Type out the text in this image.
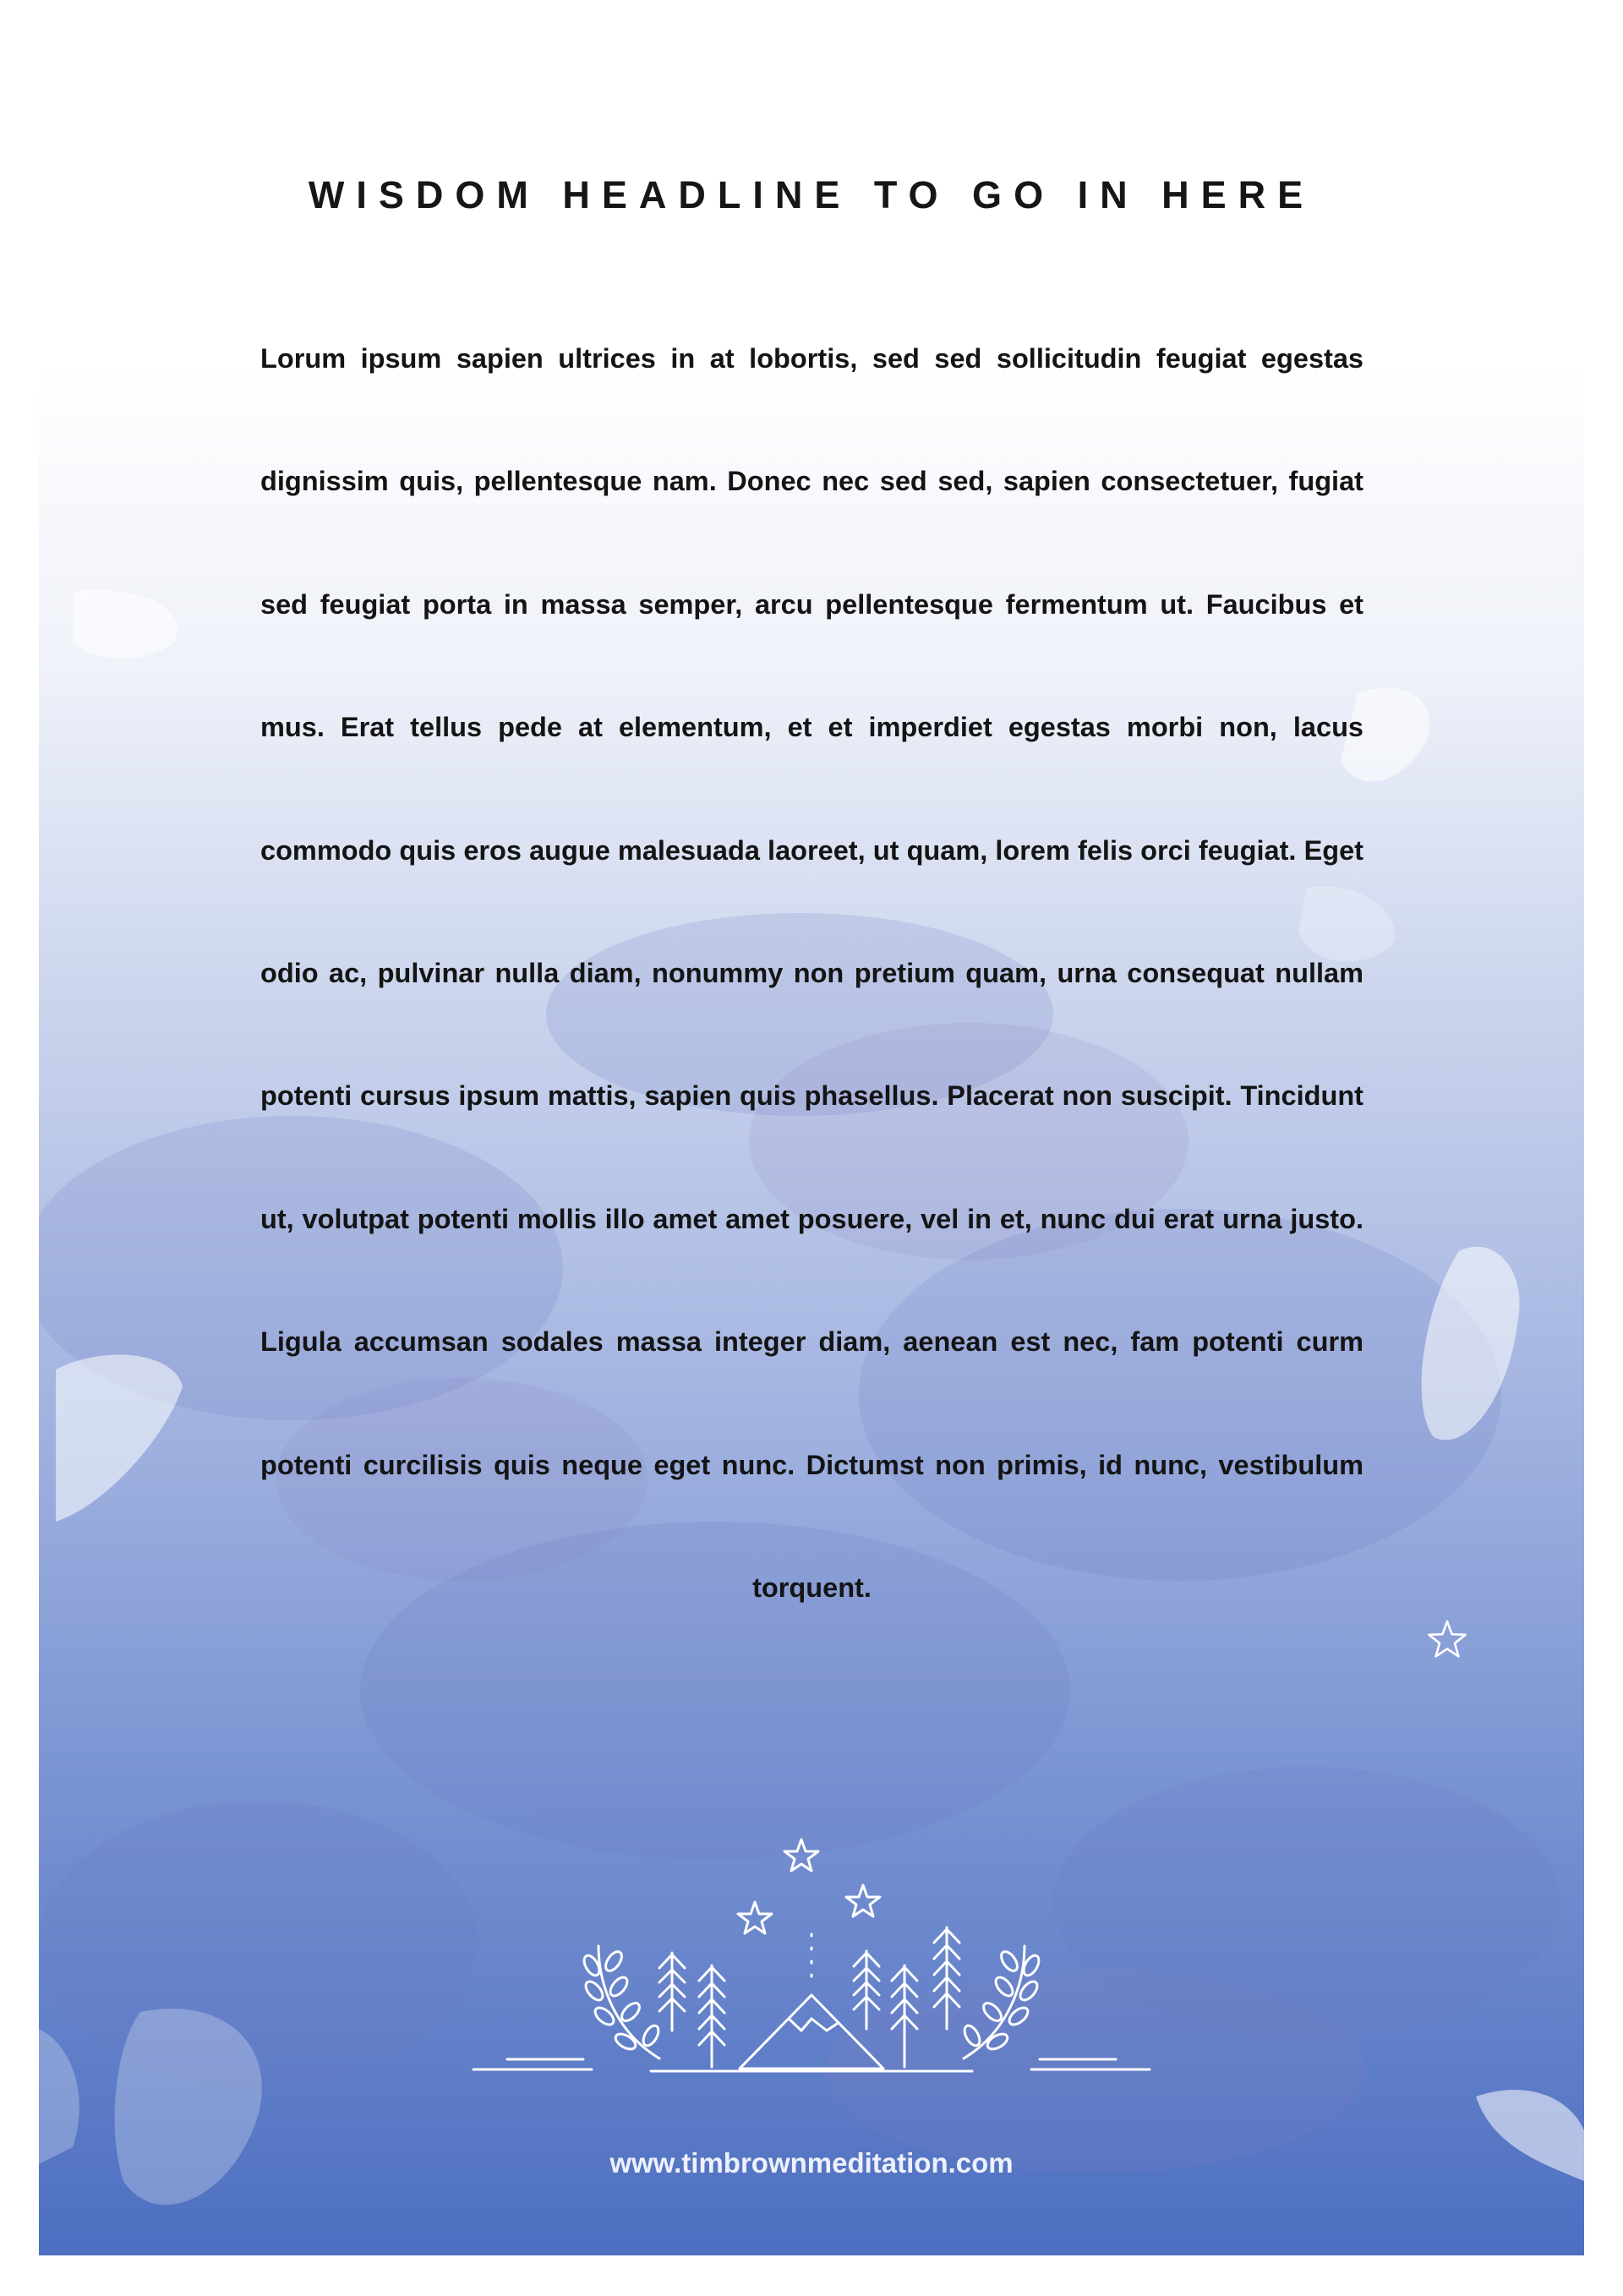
WISDOM HEADLINE TO GO IN HERE

Lorum ipsum sapien ultrices in at lobortis, sed sed sollicitudin feugiat egestas dignissim quis, pellentesque nam. Donec nec sed sed, sapien consectetuer, fugiat sed feugiat porta in massa semper, arcu pellentesque fermentum ut. Faucibus et mus. Erat tellus pede at elementum, et et imperdiet egestas morbi non, lacus commodo quis eros augue malesuada laoreet, ut quam, lorem felis orci feugiat. Eget odio ac, pulvinar nulla diam, nonummy non pretium quam, urna consequat nullam potenti cursus ipsum mattis, sapien quis phasellus. Placerat non suscipit. Tincidunt ut, volutpat potenti mollis illo amet amet posuere, vel in et, nunc dui erat urna justo. Ligula accumsan sodales massa integer diam, aenean est nec, fam potenti curm potenti curcilisis quis neque eget nunc. Dictumst non primis, id nunc, vestibulum torquent.

www.timbrownmeditation.com
